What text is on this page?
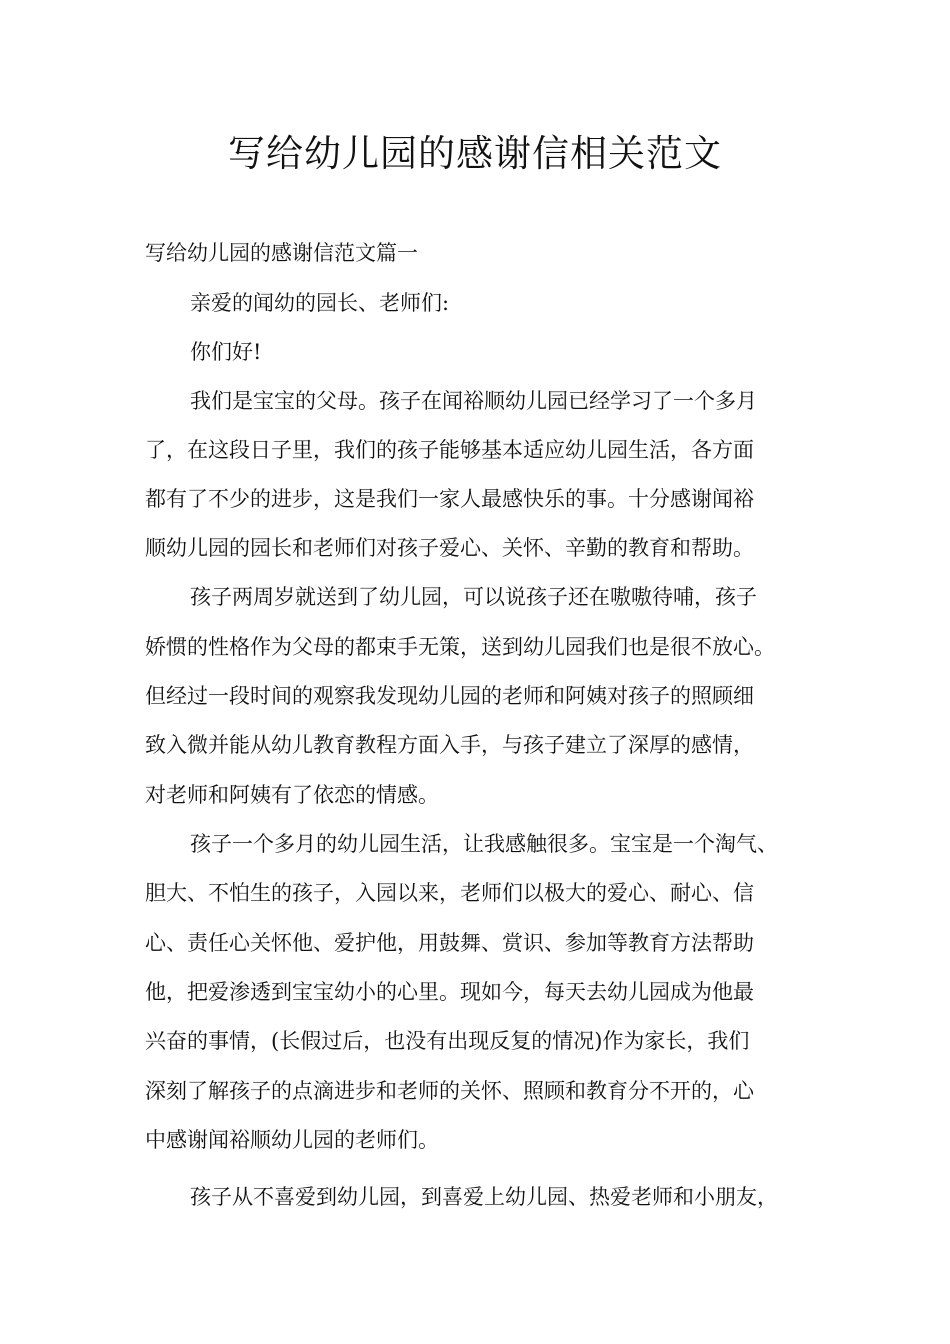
写给幼儿园的感谢信相关范文

写给幼儿园的感谢信范文篇一

亲爱的闻幼的园长、老师们:

你们好!

我们是宝宝的父母。孩子在闻裕顺幼儿园已经学习了一个多月

了，在这段日子里，我们的孩子能够基本适应幼儿园生活，各方面

都有了不少的进步，这是我们一家人最感快乐的事。十分感谢闻裕

顺幼儿园的园长和老师们对孩子爱心、关怀、辛勤的教育和帮助。

孩子两周岁就送到了幼儿园，可以说孩子还在嗷嗷待哺，孩子

娇惯的性格作为父母的都束手无策，送到幼儿园我们也是很不放心。

但经过一段时间的观察我发现幼儿园的老师和阿姨对孩子的照顾细

致入微并能从幼儿教育教程方面入手，与孩子建立了深厚的感情，

对老师和阿姨有了依恋的情感。

孩子一个多月的幼儿园生活，让我感触很多。宝宝是一个淘气、

胆大、不怕生的孩子，入园以来，老师们以极大的爱心、耐心、信

心、责任心关怀他、爱护他，用鼓舞、赏识、参加等教育方法帮助

他，把爱渗透到宝宝幼小的心里。现如今，每天去幼儿园成为他最

兴奋的事情，(长假过后，也没有出现反复的情况)作为家长，我们

深刻了解孩子的点滴进步和老师的关怀、照顾和教育分不开的，心

中感谢闻裕顺幼儿园的老师们。

孩子从不喜爱到幼儿园，到喜爱上幼儿园、热爱老师和小朋友，
